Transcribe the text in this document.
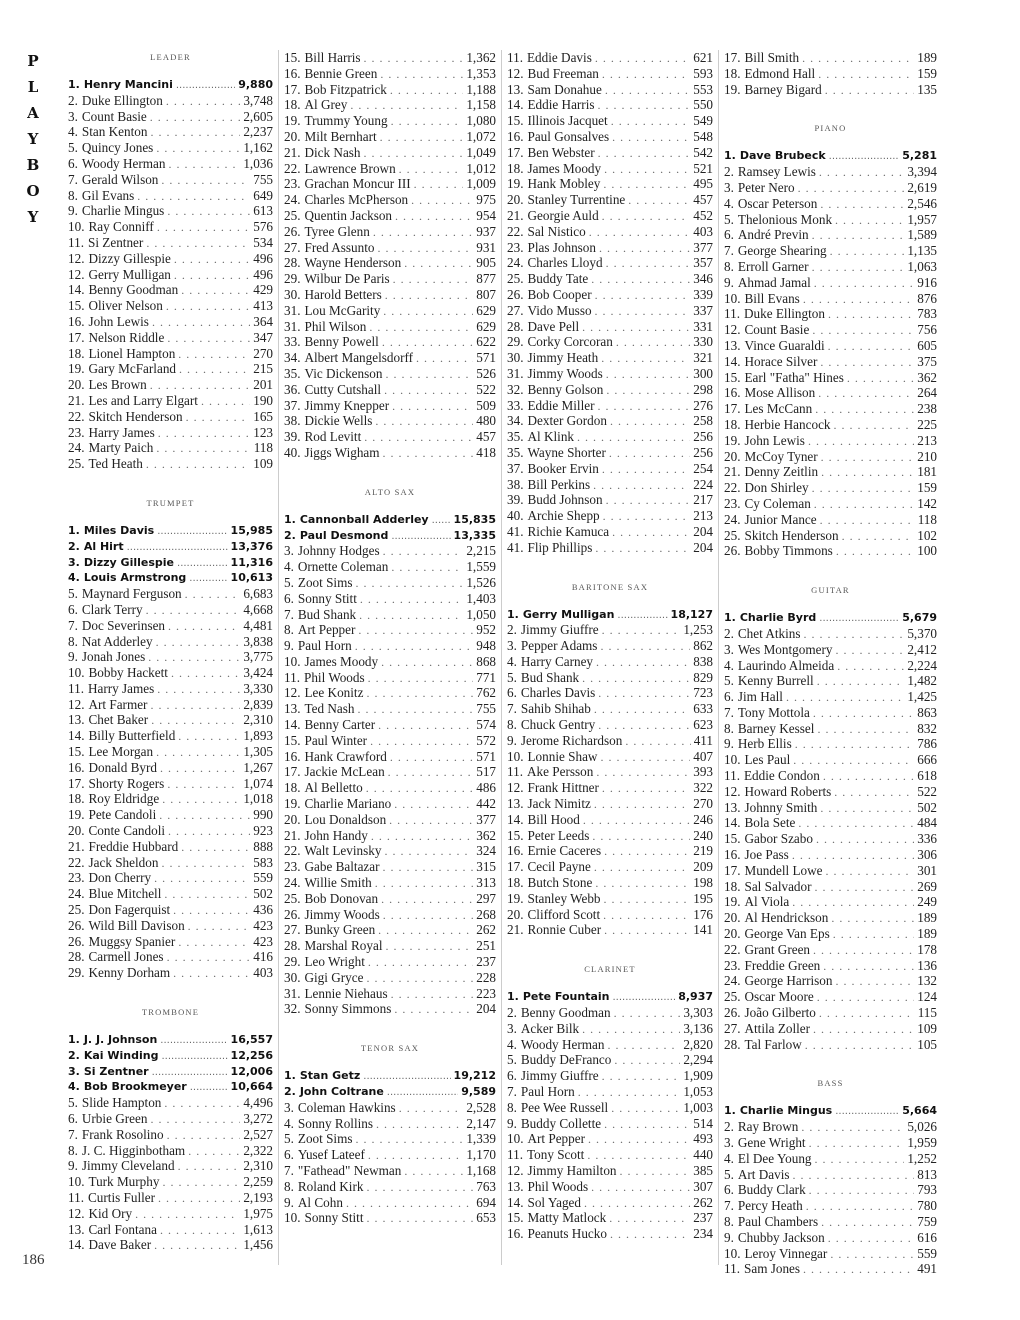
P
L
A
Y
B
O
Y
186
LEADER
1. Henry Mancini .....	9,880
2. Duke Ellington . . .	3,748
3. Count Basie . . .	2,605
4. Stan Kenton . . .	2,237
5. Quincy Jones . . .	1,162
6. Woody Herman . . .	1,036
7. Gerald Wilson . . .	755
8. Gil Evans . . .	649
9. Charlie Mingus . . .	613
10. Ray Conniff . . .	576
11. Si Zentner . . .	534
12. Dizzy Gillespie . . .	496
12. Gerry Mulligan . . .	496
14. Benny Goodman . . .	429
15. Oliver Nelson . . .	413
16. John Lewis . . .	364
17. Nelson Riddle . . .	347
18. Lionel Hampton . . .	270
19. Gary McFarland . . .	215
20. Les Brown . . .	201
21. Les and Larry Elgart . . .	190
22. Skitch Henderson . . .	165
23. Harry James . . .	123
24. Marty Paich . . .	118
25. Ted Heath . . .	109
TRUMPET
1. Miles Davis .....	15,985
2. Al Hirt .....	13,376
3. Dizzy Gillespie .....	11,316
4. Louis Armstrong .....	10,613
5. Maynard Ferguson . . .	6,683
6. Clark Terry . . .	4,668
7. Doc Severinsen . . .	4,481
8. Nat Adderley . . .	3,838
9. Jonah Jones . . .	3,775
10. Bobby Hackett . . .	3,424
11. Harry James . . .	3,330
12. Art Farmer . . .	2,839
13. Chet Baker . . .	2,310
14. Billy Butterfield . . .	1,893
15. Lee Morgan . . .	1,305
16. Donald Byrd . . .	1,267
17. Shorty Rogers . . .	1,074
18. Roy Eldridge . . .	1,018
19. Pete Candoli . . .	990
20. Conte Candoli . . .	923
21. Freddie Hubbard . . .	888
22. Jack Sheldon . . .	583
23. Don Cherry . . .	559
24. Blue Mitchell . . .	502
25. Don Fagerquist . . .	436
26. Wild Bill Davison . . .	423
26. Muggsy Spanier . . .	423
28. Carmell Jones . . .	416
29. Kenny Dorham . . .	403
TROMBONE
1. J. J. Johnson .....	16,557
2. Kai Winding .....	12,256
3. Si Zentner .....	12,006
4. Bob Brookmeyer .....	10,664
5. Slide Hampton . . .	4,496
6. Urbie Green . . .	3,272
7. Frank Rosolino . . .	2,527
8. J. C. Higginbotham . . .	2,322
9. Jimmy Cleveland . . .	2,310
10. Turk Murphy . . .	2,259
11. Curtis Fuller . . .	2,193
12. Kid Ory . . .	1,975
13. Carl Fontana . . .	1,613
14. Dave Baker . . .	1,456
15. Bill Harris . . .	1,362
16. Bennie Green . . .	1,353
17. Bob Fitzpatrick . . .	1,188
18. Al Grey . . .	1,158
19. Trummy Young . . .	1,080
20. Milt Bernhart . . .	1,072
21. Dick Nash . . .	1,049
22. Lawrence Brown . . .	1,012
23. Grachan Moncur III . . .	1,009
24. Charles McPherson . . .	975
25. Quentin Jackson . . .	954
26. Tyree Glenn . . .	937
27. Fred Assunto . . .	931
28. Wayne Henderson . . .	905
29. Wilbur De Paris . . .	877
30. Harold Betters . . .	807
31. Lou McGarity . . .	629
31. Phil Wilson . . .	629
33. Benny Powell . . .	622
34. Albert Mangelsdorff . . .	571
35. Vic Dickenson . . .	526
36. Cutty Cutshall . . .	522
37. Jimmy Knepper . . .	509
38. Dickie Wells . . .	480
39. Rod Levitt . . .	457
40. Jiggs Wigham . . .	418
ALTO SAX
1. Cannonball Adderley ..... 15,835
2. Paul Desmond .....	13,335
3. Johnny Hodges . . .	2,215
4. Ornette Coleman . . .	1,559
5. Zoot Sims . . .	1,526
6. Sonny Stitt . . .	1,403
7. Bud Shank . . .	1,050
8. Art Pepper . . .	952
9. Paul Horn . . .	948
10. James Moody . . .	868
11. Phil Woods . . .	771
12. Lee Konitz . . .	762
13. Ted Nash . . .	755
14. Benny Carter . . .	574
15. Paul Winter . . .	572
16. Hank Crawford . . .	571
17. Jackie McLean . . .	517
18. Al Belletto . . .	486
19. Charlie Mariano . . .	442
20. Lou Donaldson . . .	377
21. John Handy . . .	362
22. Walt Levinsky . . .	324
23. Gabe Baltazar . . .	315
24. Willie Smith . . .	313
25. Bob Donovan . . .	297
26. Jimmy Woods . . .	268
27. Bunky Green . . .	262
28. Marshal Royal . . .	251
29. Leo Wright . . .	237
30. Gigi Gryce . . .	228
31. Lennie Niehaus . . .	223
32. Sonny Simmons . . .	204
TENOR SAX
1. Stan Getz .....	19,212
2. John Coltrane .....	9,589
3. Coleman Hawkins . . .	2,528
4. Sonny Rollins . . .	2,147
5. Zoot Sims . . .	1,339
6. Yusef Lateef . . .	1,170
7. "Fathead" Newman . . .	1,168
8. Roland Kirk . . .	763
9. Al Cohn . . .	694
10. Sonny Stitt . . .	653
11. Eddie Davis . . .	621
12. Bud Freeman . . .	593
13. Sam Donahue . . .	553
14. Eddie Harris . . .	550
15. Illinois Jacquet . . .	549
16. Paul Gonsalves . . .	548
17. Ben Webster . . .	542
18. James Moody . . .	521
19. Hank Mobley . . .	495
20. Stanley Turrentine . . .	457
21. Georgie Auld . . .	452
22. Sal Nistico . . .	403
23. Plas Johnson . . .	377
24. Charles Lloyd . . .	357
25. Buddy Tate . . .	346
26. Bob Cooper . . .	339
27. Vido Musso . . .	337
28. Dave Pell . . .	331
29. Corky Corcoran . . .	330
30. Jimmy Heath . . .	321
31. Jimmy Woods . . .	300
32. Benny Golson . . .	298
33. Eddie Miller . . .	276
34. Dexter Gordon . . .	258
35. Al Klink . . .	256
35. Wayne Shorter . . .	256
37. Booker Ervin . . .	254
38. Bill Perkins . . .	224
39. Budd Johnson . . .	217
40. Archie Shepp . . .	213
41. Richie Kamuca . . .	204
41. Flip Phillips . . .	204
BARITONE SAX
1. Gerry Mulligan .....	18,127
2. Jimmy Giuffre . . .	1,253
3. Pepper Adams . . .	862
4. Harry Carney . . .	838
5. Bud Shank . . .	829
6. Charles Davis . . .	723
7. Sahib Shihab . . .	633
8. Chuck Gentry . . .	623
9. Jerome Richardson . . .	411
10. Lonnie Shaw . . .	407
11. Ake Persson . . .	393
12. Frank Hittner . . .	322
13. Jack Nimitz . . .	270
14. Bill Hood . . .	246
15. Peter Leeds . . .	240
16. Ernie Caceres . . .	219
17. Cecil Payne . . .	209
18. Butch Stone . . .	198
19. Stanley Webb . . .	195
20. Clifford Scott . . .	176
21. Ronnie Cuber . . .	141
CLARINET
1. Pete Fountain .....	8,937
2. Benny Goodman . . .	3,303
3. Acker Bilk . . .	3,136
4. Woody Herman . . .	2,820
5. Buddy DeFranco . . .	2,294
6. Jimmy Giuffre . . .	1,909
7. Paul Horn . . .	1,053
8. Pee Wee Russell . . .	1,003
9. Buddy Collette . . .	514
10. Art Pepper . . .	493
11. Tony Scott . . .	440
12. Jimmy Hamilton . . .	385
13. Phil Woods . . .	307
14. Sol Yaged . . .	262
15. Matty Matlock . . .	237
16. Peanuts Hucko . . .	234
17. Bill Smith . . .	189
18. Edmond Hall . . .	159
19. Barney Bigard . . .	135
PIANO
1. Dave Brubeck .....	5,281
2. Ramsey Lewis . . .	3,394
3. Peter Nero . . .	2,619
4. Oscar Peterson . . .	2,546
5. Thelonious Monk . . .	1,957
6. André Previn . . .	1,589
7. George Shearing . . .	1,135
8. Erroll Garner . . .	1,063
9. Ahmad Jamal . . .	916
10. Bill Evans . . .	876
11. Duke Ellington . . .	783
12. Count Basie . . .	756
13. Vince Guaraldi . . .	605
14. Horace Silver . . .	375
15. Earl "Fatha" Hines . . .	362
16. Mose Allison . . .	264
17. Les McCann . . .	238
18. Herbie Hancock . . .	225
19. John Lewis . . .	213
20. McCoy Tyner . . .	210
21. Denny Zeitlin . . .	181
22. Don Shirley . . .	159
23. Cy Coleman . . .	142
24. Junior Mance . . .	118
25. Skitch Henderson . . .	102
26. Bobby Timmons . . .	100
GUITAR
1. Charlie Byrd .....	5,679
2. Chet Atkins . . .	5,370
3. Wes Montgomery . . .	2,412
4. Laurindo Almeida . . .	2,224
5. Kenny Burrell . . .	1,482
6. Jim Hall . . .	1,425
7. Tony Mottola . . .	863
8. Barney Kessel . . .	832
9. Herb Ellis . . .	786
10. Les Paul . . .	666
11. Eddie Condon . . .	618
12. Howard Roberts . . .	522
13. Johnny Smith . . .	502
14. Bola Sete . . .	484
15. Gabor Szabo . . .	336
16. Joe Pass . . .	306
17. Mundell Lowe . . .	301
18. Sal Salvador . . .	269
19. Al Viola . . .	249
20. Al Hendrickson . . .	189
20. George Van Eps . . .	189
22. Grant Green . . .	178
23. Freddie Green . . .	136
24. George Harrison . . .	132
25. Oscar Moore . . .	124
26. João Gilberto . . .	115
27. Attila Zoller . . .	109
28. Tal Farlow . . .	105
BASS
1. Charlie Mingus .....	5,664
2. Ray Brown . . .	5,026
3. Gene Wright . . .	1,959
4. El Dee Young . . .	1,252
5. Art Davis . . .	813
6. Buddy Clark . . .	793
7. Percy Heath . . .	780
8. Paul Chambers . . .	759
9. Chubby Jackson . . .	616
10. Leroy Vinnegar . . .	559
11. Sam Jones . . .	491
